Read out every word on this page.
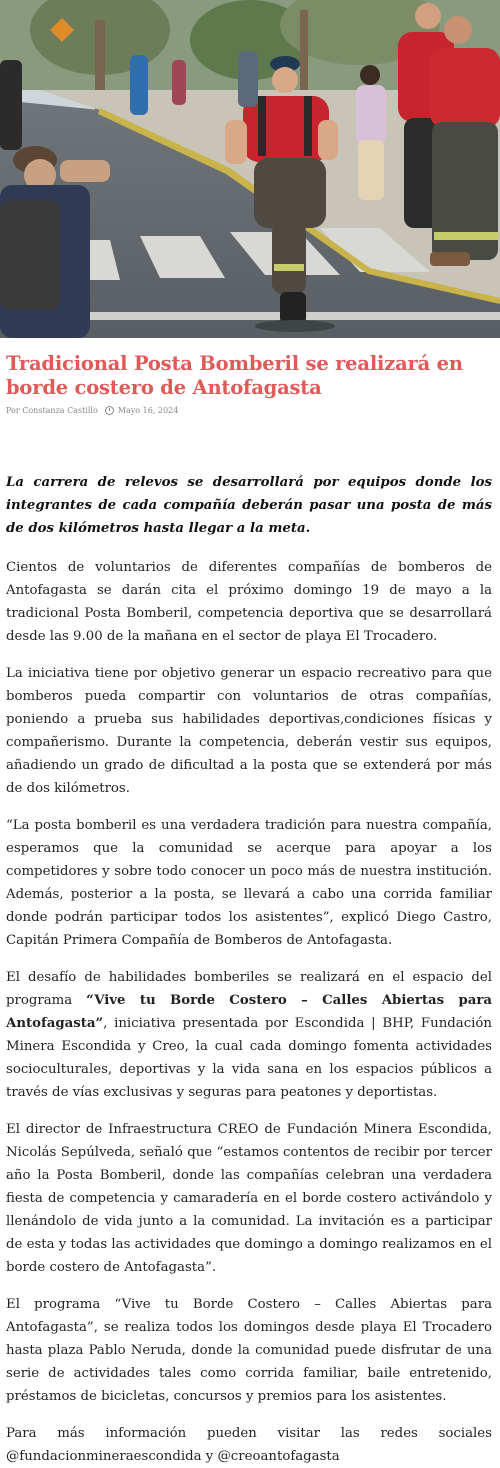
Tradicional Posta Bomberil se realizará en borde costero de Antofagasta
Por Constanza Castillo	Mayo 16, 2024
La carrera de relevos se desarrollará por equipos donde los integrantes de cada compañía deberán pasar una posta de más de dos kilómetros hasta llegar a la meta.

Cientos de voluntarios de diferentes compañías de bomberos de Antofagasta se darán cita el próximo domingo 19 de mayo a la tradicional Posta Bomberil, competencia deportiva que se desarrollará desde las 9.00 de la mañana en el sector de playa El Trocadero.

La iniciativa tiene por objetivo generar un espacio recreativo para que bomberos pueda compartir con voluntarios de otras compañías, poniendo a prueba sus habilidades deportivas,condiciones físicas y compañerismo. Durante la competencia, deberán vestir sus equipos, añadiendo un grado de dificultad a la posta que se extenderá por más de dos kilómetros.

“La posta bomberil es una verdadera tradición para nuestra compañía, esperamos que la comunidad se acerque para apoyar a los competidores y sobre todo conocer un poco más de nuestra institución. Además, posterior a la posta, se llevará a cabo una corrida familiar donde podrán participar todos los asistentes”, explicó Diego Castro, Capitán Primera Compañía de Bomberos de Antofagasta.

El desafío de habilidades bomberiles se realizará en el espacio del programa “Vive tu Borde Costero – Calles Abiertas para Antofagasta”, iniciativa presentada por Escondida | BHP, Fundación Minera Escondida y Creo, la cual cada domingo fomenta actividades socioculturales, deportivas y la vida sana en los espacios públicos a través de vías exclusivas y seguras para peatones y deportistas.

El director de Infraestructura CREO de Fundación Minera Escondida, Nicolás Sepúlveda, señaló que “estamos contentos de recibir por tercer año la Posta Bomberil, donde las compañías celebran una verdadera fiesta de competencia y camaradería en el borde costero activándolo y llenándolo de vida junto a la comunidad. La invitación es a participar de esta y todas las actividades que domingo a domingo realizamos en el borde costero de Antofagasta”.

El programa “Vive tu Borde Costero – Calles Abiertas para Antofagasta”, se realiza todos los domingos desde playa El Trocadero hasta plaza Pablo Neruda, donde la comunidad puede disfrutar de una serie de actividades tales como corrida familiar, baile entretenido, préstamos de bicicletas, concursos y premios para los asistentes.

Para más información pueden visitar las redes sociales @fundacionmineraescondida y @creoantofagasta
